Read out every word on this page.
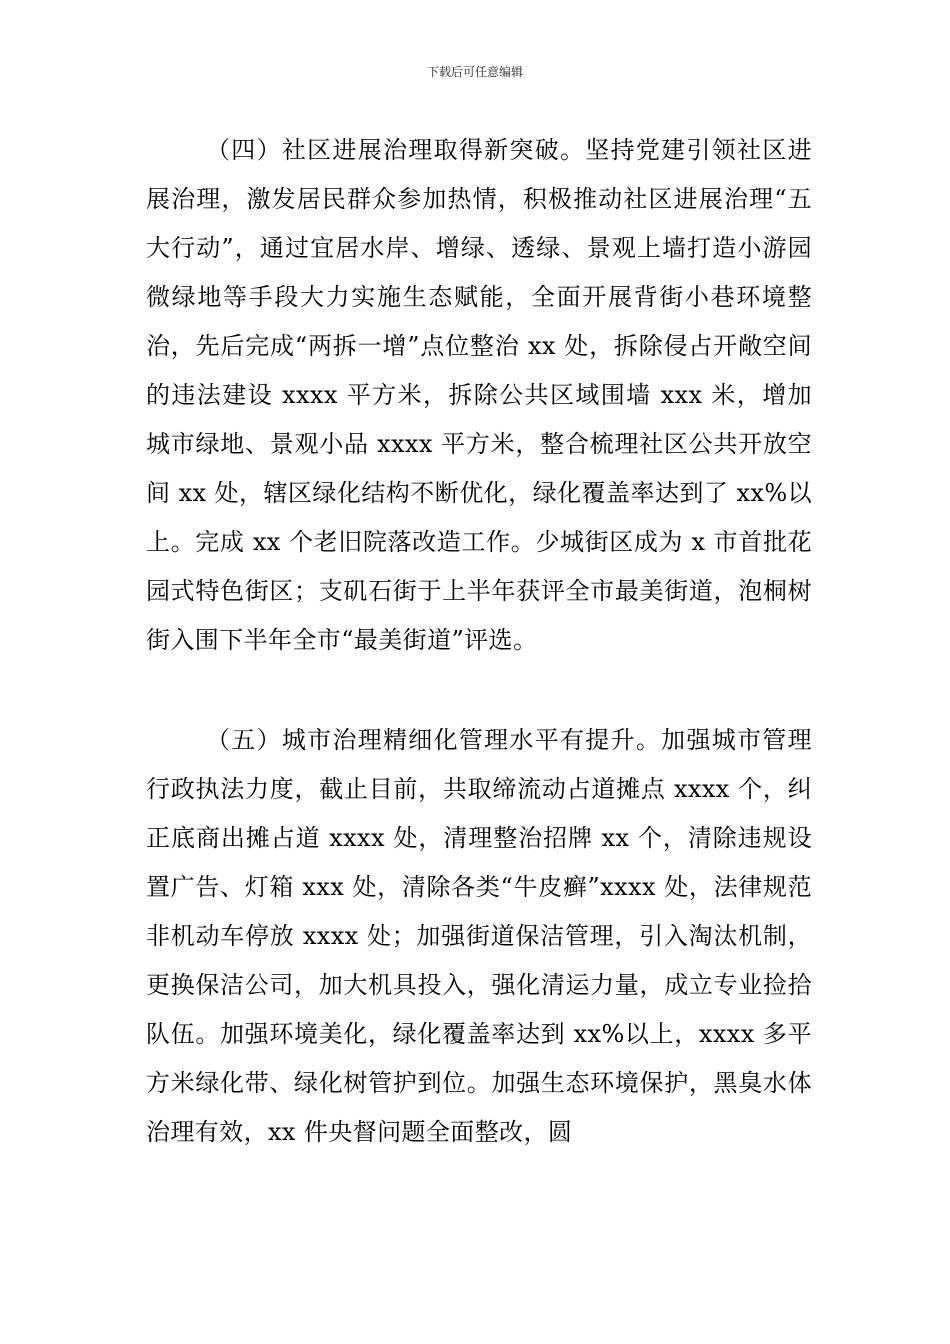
下载后可任意编辑

（四）社区进展治理取得新突破。坚持党建引领社区进展治理，激发居民群众参加热情，积极推动社区进展治理“五大行动”，通过宜居水岸、增绿、透绿、景观上墙打造小游园微绿地等手段大力实施生态赋能，全面开展背街小巷环境整治，先后完成“两拆一增”点位整治 xx 处，拆除侵占开敞空间的违法建设 xxxx 平方米，拆除公共区域围墙 xxx 米，增加城市绿地、景观小品 xxxx 平方米，整合梳理社区公共开放空间 xx 处，辖区绿化结构不断优化，绿化覆盖率达到了 xx%以上。完成 xx 个老旧院落改造工作。少城街区成为 x 市首批花园式特色街区；支矶石街于上半年获评全市最美街道，泡桐树街入围下半年全市“最美街道”评选。

（五）城市治理精细化管理水平有提升。加强城市管理行政执法力度，截止目前，共取缔流动占道摊点 xxxx 个，纠正底商出摊占道 xxxx 处，清理整治招牌 xx 个，清除违规设置广告、灯箱 xxx 处，清除各类“牛皮癣”xxxx 处，法律规范非机动车停放 xxxx 处；加强街道保洁管理，引入淘汰机制，更换保洁公司，加大机具投入，强化清运力量，成立专业捡拾队伍。加强环境美化，绿化覆盖率达到 xx%以上，xxxx 多平方米绿化带、绿化树管护到位。加强生态环境保护，黑臭水体治理有效，xx 件央督问题全面整改，圆
